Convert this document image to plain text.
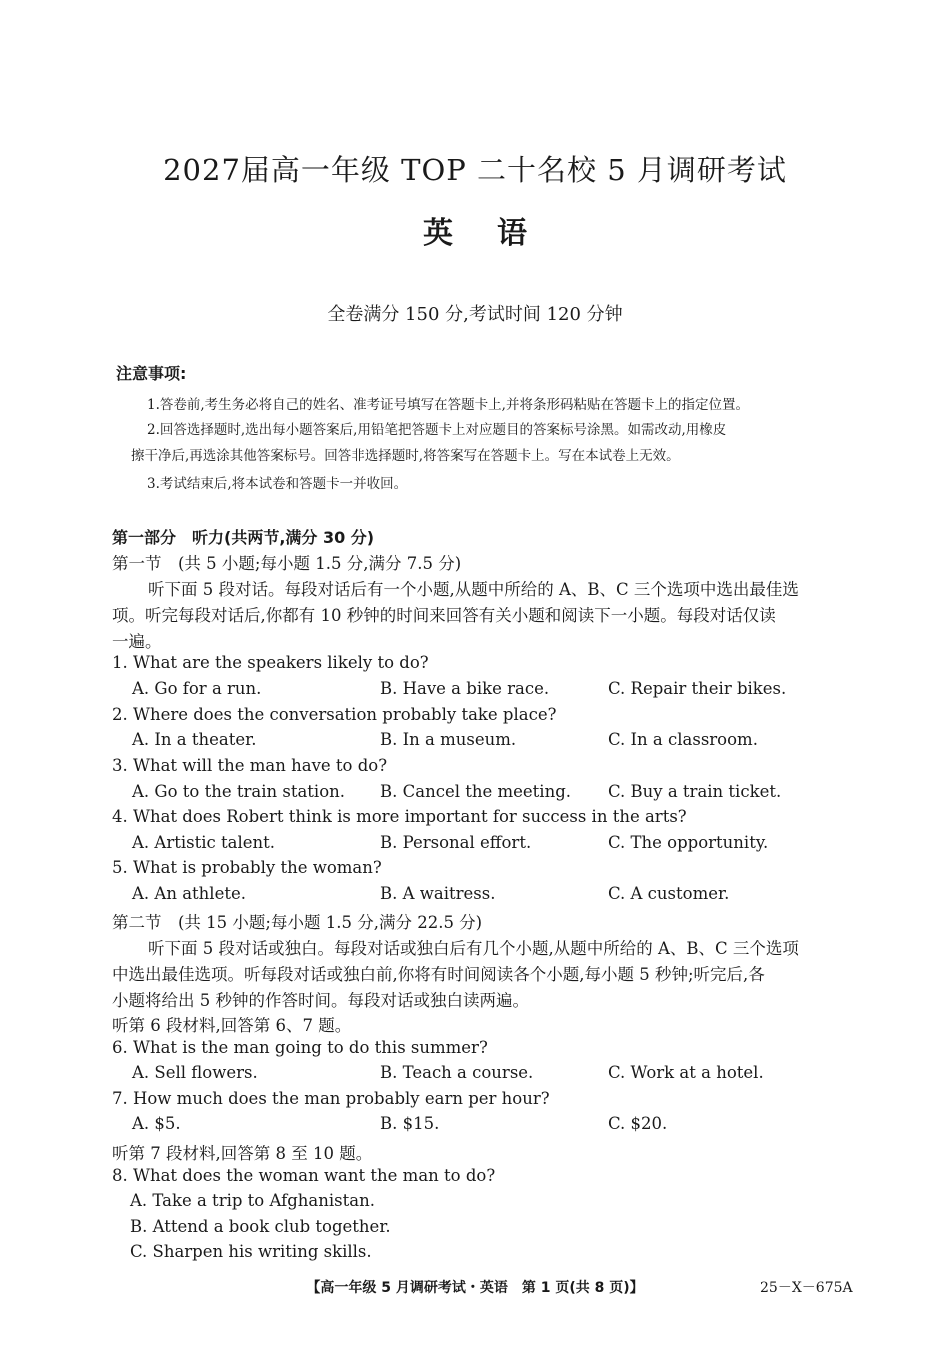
2027届高一年级 TOP 二十名校 5 月调研考试
英语
全卷满分 150 分,考试时间 120 分钟
注意事项:
1.答卷前,考生务必将自己的姓名、准考证号填写在答题卡上,并将条形码粘贴在答题卡上的指定位置。
2.回答选择题时,选出每小题答案后,用铅笔把答题卡上对应题目的答案标号涂黑。如需改动,用橡皮
擦干净后,再选涂其他答案标号。回答非选择题时,将答案写在答题卡上。写在本试卷上无效。
3.考试结束后,将本试卷和答题卡一并收回。
第一部分　听力(共两节,满分 30 分)
第一节　(共 5 小题;每小题 1.5 分,满分 7.5 分)
听下面 5 段对话。每段对话后有一个小题,从题中所给的 A、B、C 三个选项中选出最佳选
项。听完每段对话后,你都有 10 秒钟的时间来回答有关小题和阅读下一小题。每段对话仅读
一遍。
1. What are the speakers likely to do?
A. Go for a run.	B. Have a bike race.	C. Repair their bikes.
2. Where does the conversation probably take place?
A. In a theater.	B. In a museum.	C. In a classroom.
3. What will the man have to do?
A. Go to the train station. B. Cancel the meeting. C. Buy a train ticket.
4. What does Robert think is more important for success in the arts?
A. Artistic talent.	B. Personal effort.	C. The opportunity.
5. What is probably the woman?
A. An athlete.	B. A waitress.	C. A customer.
第二节　(共 15 小题;每小题 1.5 分,满分 22.5 分)
听下面 5 段对话或独白。每段对话或独白后有几个小题,从题中所给的 A、B、C 三个选项
中选出最佳选项。听每段对话或独白前,你将有时间阅读各个小题,每小题 5 秒钟;听完后,各
小题将给出 5 秒钟的作答时间。每段对话或独白读两遍。
听第 6 段材料,回答第 6、7 题。
6. What is the man going to do this summer?
A. Sell flowers.	B. Teach a course.	C. Work at a hotel.
7. How much does the man probably earn per hour?
A. $5.	B. $15.	C. $20.
听第 7 段材料,回答第 8 至 10 题。
8. What does the woman want the man to do?
A. Take a trip to Afghanistan.
B. Attend a book club together.
C. Sharpen his writing skills.
【高一年级 5 月调研考试・英语　第 1 页(共 8 页)】	25－X－675A
